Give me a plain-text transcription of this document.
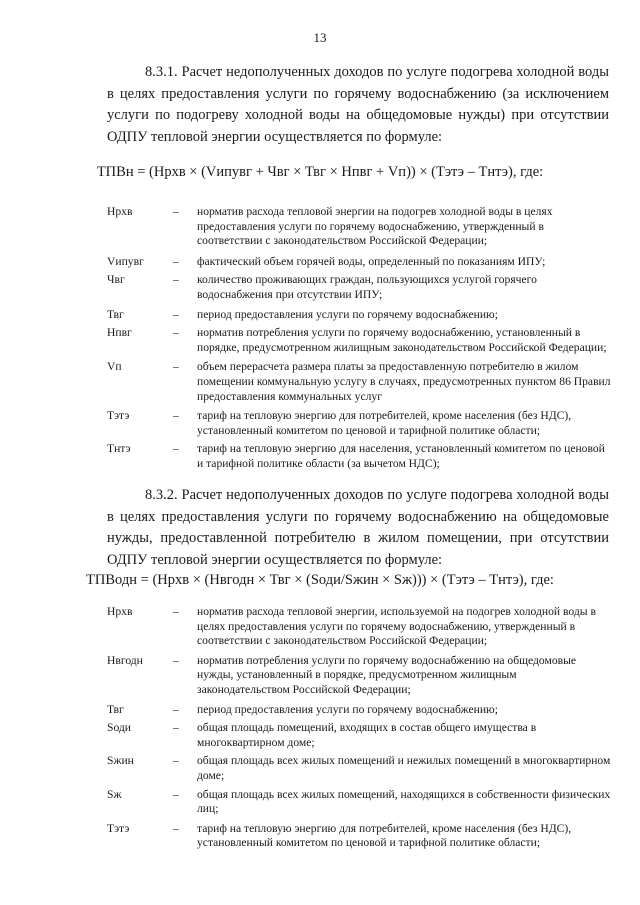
13

8.3.1. Расчет недополученных доходов по услуге подогрева холодной воды в целях предоставления услуги по горячему водоснабжению (за исключением услуги по подогреву холодной воды на общедомовые нужды) при отсутствии ОДПУ тепловой энергии осуществляется по формуле:

ТПВн = (Нрхв × (Vипувг + Чвг × Твг × Нпвг + Vп)) × (Тэтэ – Тнтэ), где:
Нрхв	–	норматив расхода тепловой энергии на подогрев холодной воды в целях предоставления услуги по горячему водоснабжению, утвержденный в соответствии с законодательством Российской Федерации;
Vипувг	–	фактический объем горячей воды, определенный по показаниям ИПУ;
Чвг	–	количество проживающих граждан, пользующихся услугой горячего водоснабжения при отсутствии ИПУ;
Твг	–	период предоставления услуги по горячему водоснабжению;
Нпвг	–	норматив потребления услуги по горячему водоснабжению, установленный в порядке, предусмотренном жилищным законодательством Российской Федерации;
Vп	–	объем перерасчета размера платы за предоставленную потребителю в жилом помещении коммунальную услугу в случаях, предусмотренных пунктом 86 Правил предоставления коммунальных услуг
Тэтэ	–	тариф на тепловую энергию для потребителей, кроме населения (без НДС), установленный комитетом по ценовой и тарифной политике области;
Тнтэ	–	тариф на тепловую энергию для населения, установленный комитетом по ценовой и тарифной политике области (за вычетом НДС);

8.3.2. Расчет недополученных доходов по услуге подогрева холодной воды в целях предоставления услуги по горячему водоснабжению на общедомовые нужды, предоставленной потребителю в жилом помещении, при отсутствии ОДПУ тепловой энергии осуществляется по формуле:

ТПВодн = (Нрхв × (Нвгодн × Твг × (Sоди/Sжин × Sж))) × (Тэтэ – Тнтэ), где:
Нрхв	–	норматив расхода тепловой энергии, используемой на подогрев холодной воды в целях предоставления услуги по горячему водоснабжению, утвержденный в соответствии с законодательством Российской Федерации;
Нвгодн	–	норматив потребления услуги по горячему водоснабжению на общедомовые нужды, установленный в порядке, предусмотренном жилищным законодательством Российской Федерации;
Твг	–	период предоставления услуги по горячему водоснабжению;
Sоди	–	общая площадь помещений, входящих в состав общего имущества в многоквартирном доме;
Sжин	–	общая площадь всех жилых помещений и нежилых помещений в многоквартирном доме;
Sж	–	общая площадь всех жилых помещений, находящихся в собственности физических лиц;
Тэтэ	–	тариф на тепловую энергию для потребителей, кроме населения (без НДС), установленный комитетом по ценовой и тарифной политике области;
